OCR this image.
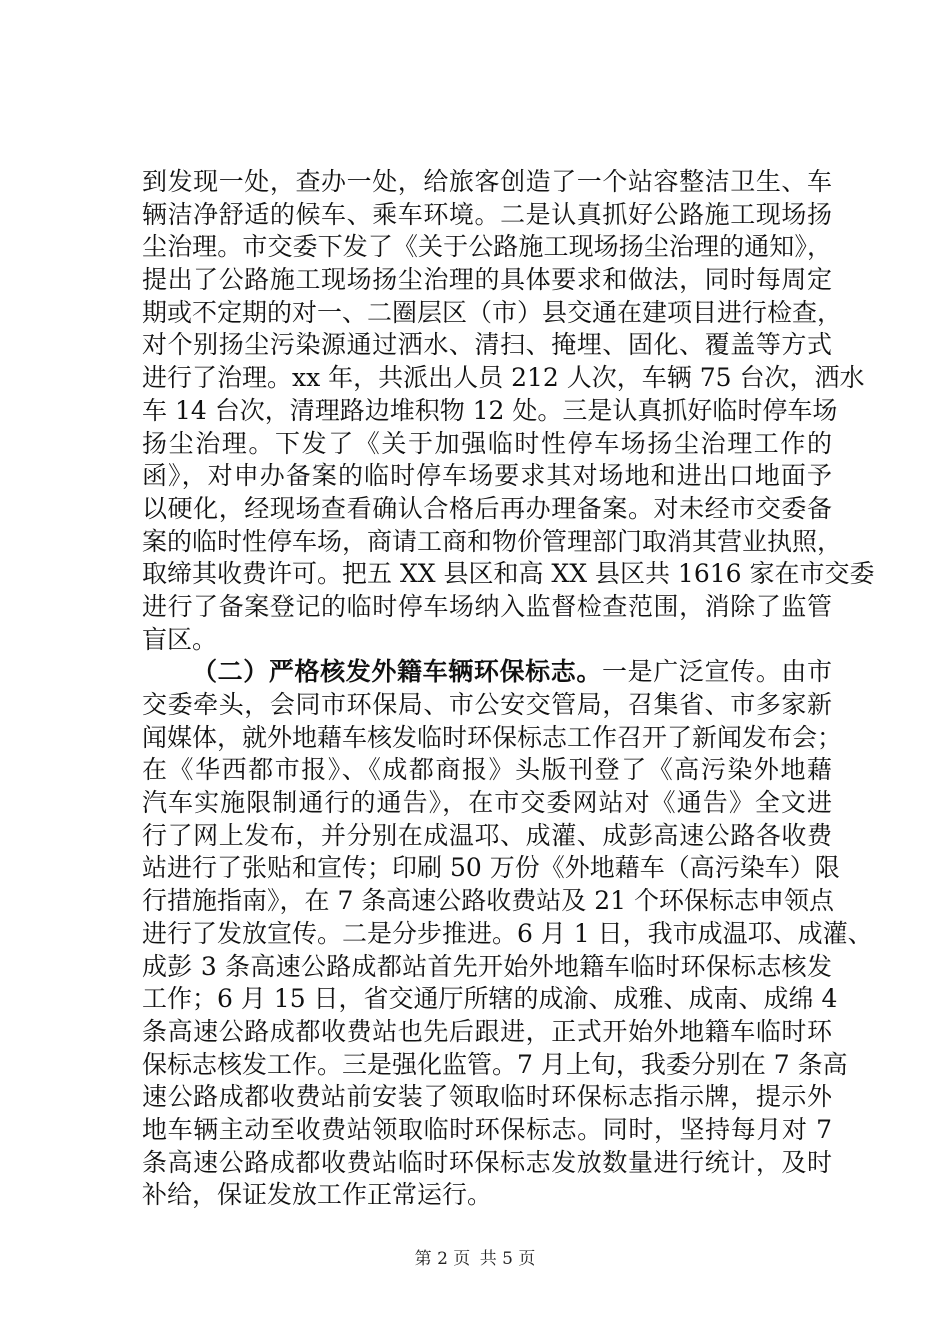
到发现一处，查办一处，给旅客创造了一个站容整洁卫生、车
辆洁净舒适的候车、乘车环境。二是认真抓好公路施工现场扬
尘治理。市交委下发了《关于公路施工现场扬尘治理的通知》，
提出了公路施工现场扬尘治理的具体要求和做法，同时每周定
期或不定期的对一、二圈层区（市）县交通在建项目进行检查，
对个别扬尘污染源通过洒水、清扫、掩埋、固化、覆盖等方式
进行了治理。xx 年，共派出人员 212 人次，车辆 75 台次，洒水
车 14 台次，清理路边堆积物 12 处。三是认真抓好临时停车场
扬尘治理。下发了《关于加强临时性停车场扬尘治理工作的
函》，对申办备案的临时停车场要求其对场地和进出口地面予
以硬化，经现场查看确认合格后再办理备案。对未经市交委备
案的临时性停车场，商请工商和物价管理部门取消其营业执照，
取缔其收费许可。把五 XX 县区和高 XX 县区共 1616 家在市交委
进行了备案登记的临时停车场纳入监督检查范围，消除了监管
盲区。
（二）严格核发外籍车辆环保标志。一是广泛宣传。由市
交委牵头，会同市环保局、市公安交管局，召集省、市多家新
闻媒体，就外地藉车核发临时环保标志工作召开了新闻发布会；
在《华西都市报》、《成都商报》头版刊登了《高污染外地藉
汽车实施限制通行的通告》，在市交委网站对《通告》全文进
行了网上发布，并分别在成温邛、成灌、成彭高速公路各收费
站进行了张贴和宣传；印刷 50 万份《外地藉车（高污染车）限
行措施指南》，在 7 条高速公路收费站及 21 个环保标志申领点
进行了发放宣传。二是分步推进。6 月 1 日，我市成温邛、成灌、
成彭 3 条高速公路成都站首先开始外地籍车临时环保标志核发
工作；6 月 15 日，省交通厅所辖的成渝、成雅、成南、成绵 4
条高速公路成都收费站也先后跟进，正式开始外地籍车临时环
保标志核发工作。三是强化监管。7 月上旬，我委分别在 7 条高
速公路成都收费站前安装了领取临时环保标志指示牌，提示外
地车辆主动至收费站领取临时环保标志。同时，坚持每月对 7
条高速公路成都收费站临时环保标志发放数量进行统计，及时
补给，保证发放工作正常运行。
第 2 页 共 5 页
